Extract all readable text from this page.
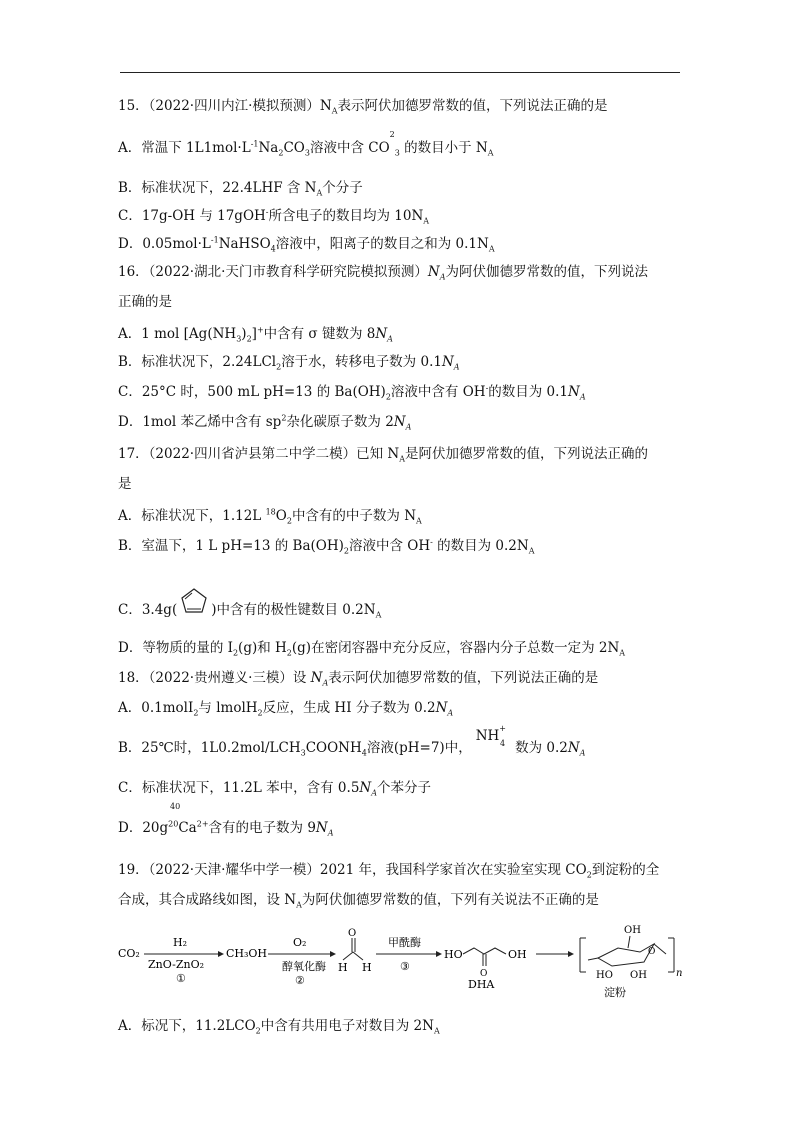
15．（2022·四川内江·模拟预测）$N_A$表示阿伏加德罗常数的值，下列说法正确的是
A．常温下 $1L1mol\cdot L^{-1}Na_2CO_3$溶液中含 $CO^2_3$ 的数目小于 $N_A$
B．标准状况下，22.4LHF 含 $N_A$个分子
C．17g-OH 与 17gOH-所含电子的数目均为 $10N_A$
D．$0.05mol\cdot L^{-1}NaHSO_4$溶液中，阳离子的数目之和为 $0.1N_A$
16．（2022·湖北·天门市教育科学研究院模拟预测）$N_A$为阿伏伽德罗常数的值，下列说法
正确的是
A．1 mol $[Ag(NH_3)_2]^+$中含有 σ 键数为 $8N_A$
B．标准状况下，2.24LCl$_2$溶于水，转移电子数为 $0.1N_A$
C．25°C 时，500 mL pH=13 的 $Ba(OH)_2$溶液中含有 OH-的数目为 $0.1N_A$
D．1mol 苯乙烯中含有 $sp^2$杂化碳原子数为 $2N_A$
17．（2022·四川省泸县第二中学二模）已知 $N_A$是阿伏加德罗常数的值，下列说法正确的
是
A．标准状况下，1.12L $^{18}O_2$中含有的中子数为 $N_A$
B．室温下，1 L pH=13 的 $Ba(OH)_2$溶液中含 OH- 的数目为 $0.2N_A$
C．3.4g(	)中含有的极性键数目 $0.2N_A$
D．等物质的量的 $I_2(g)$和 $H_2(g)$在密闭容器中充分反应，容器内分子总数一定为 $2N_A$
18．（2022·贵州遵义·三模）设 $N_A$表示阿伏加德罗常数的值，下列说法正确的是
A．0.1molI$_2$与 lmolH$_2$反应，生成 HI 分子数为 $0.2N_A$
B．25℃时，$1L0.2mol/LCH_3COONH_4$溶液(pH=7)中，$NH^+_4$ 数为 $0.2N_A$
C．标准状况下，11.2L 苯中，含有 $0.5N_A$个苯分子
40
D．$20g^{20}Ca^{2+}$含有的电子数为 $9N_A$
19．（2022·天津·耀华中学一模）2021 年，我国科学家首次在实验室实现 $CO_2$到淀粉的全
合成，其合成路线如图，设 $N_A$为阿伏伽德罗常数的值，下列有关说法不正确的是
CO₂
H₂
ZnO-ZnO₂
①
CH₃OH
O₂
醇氧化酶
②
O
H H
甲酰酶
③
HO
O
OH
DHA
OH
HO OH
O
n
淀粉
A．标况下，$11.2LCO_2$中含有共用电子对数目为 $2N_A$
